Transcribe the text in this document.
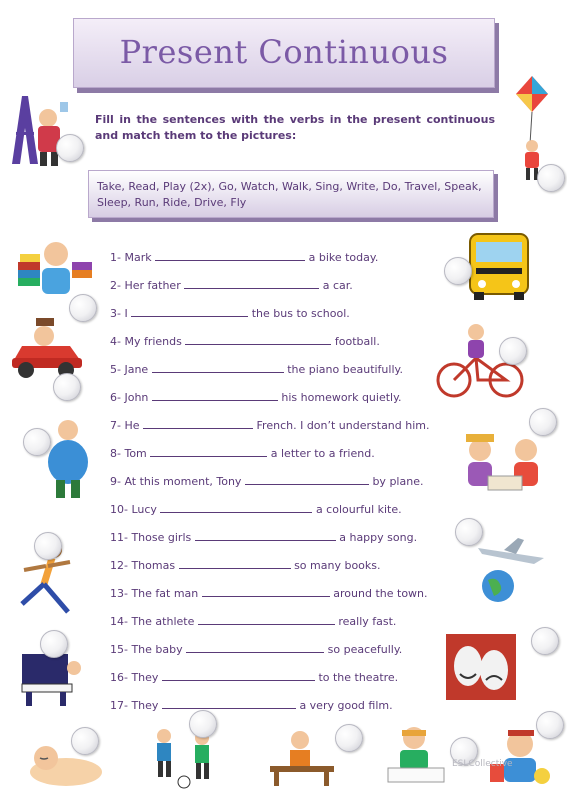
Present Continuous
Fill in the sentences with the verbs in the present continuous and match them to the pictures:
Take, Read, Play (2x), Go, Watch, Walk, Sing, Write, Do, Travel, Speak, Sleep, Run, Ride, Drive, Fly
1- Mark	a bike today.
2- Her father	a car.
3- I	the bus to school.
4- My friends	football.
5- Jane	the piano beautifully.
6- John	his homework quietly.
7- He	French. I don’t understand him.
8- Tom	a letter to a friend.
9- At this moment, Tony	by plane.
10- Lucy	a colourful kite.
11- Those girls	a happy song.
12- Thomas	so many books.
13- The fat man	around the town.
14- The athlete	really fast.
15- The baby	so peacefully.
16- They	to the theatre.
17- They	a very good film.
ESLCollective
